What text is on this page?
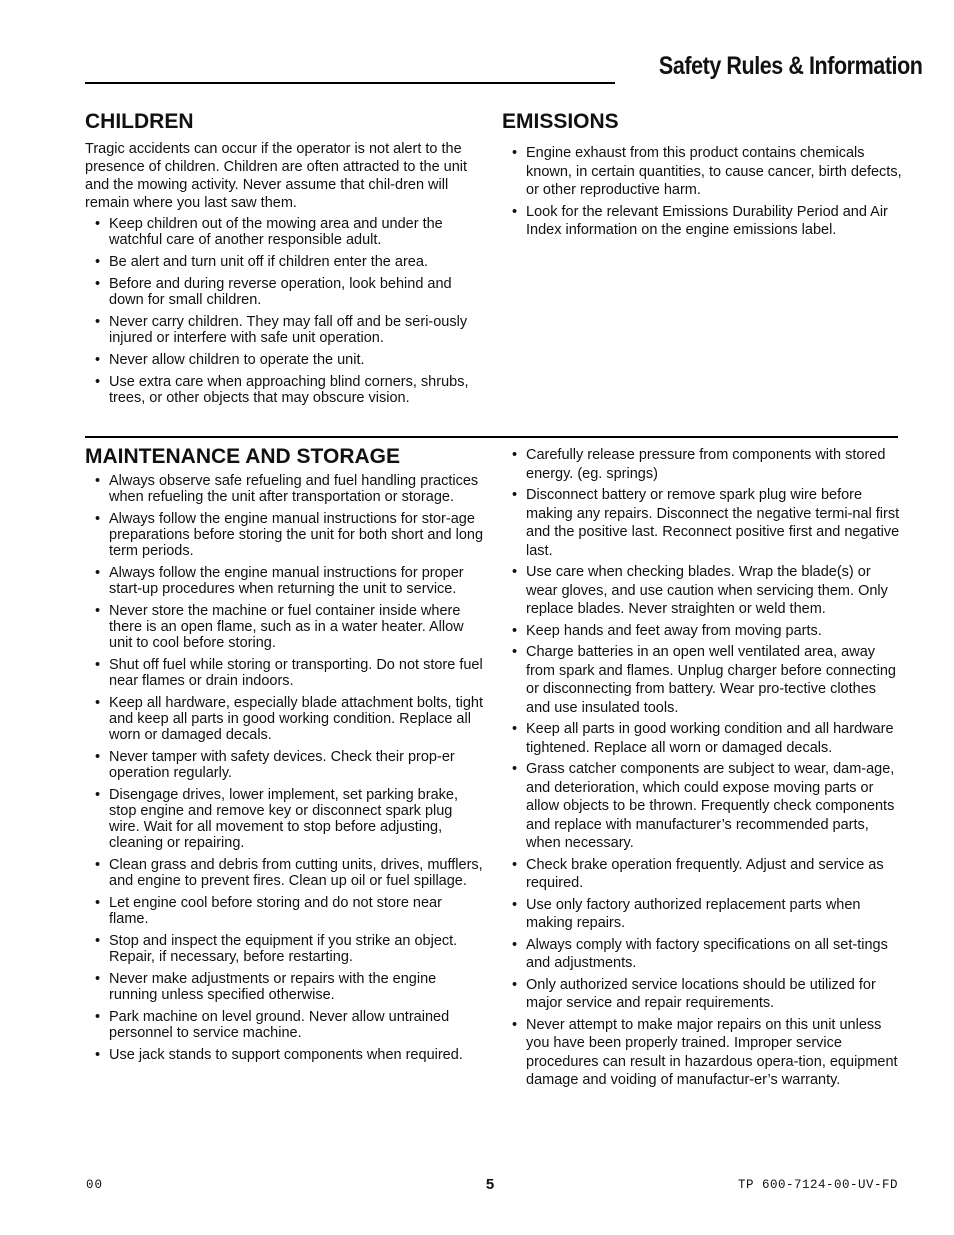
Safety Rules & Information
CHILDREN

Tragic accidents can occur if the operator is not alert to the presence of children. Children are often attracted to the unit and the mowing activity. Never assume that chil-dren will remain where you last saw them.

• Keep children out of the mowing area and under the watchful care of another responsible adult.
• Be alert and turn unit off if children enter the area.
• Before and during reverse operation, look behind and down for small children.
• Never carry children. They may fall off and be seri-ously injured or interfere with safe unit operation.
• Never allow children to operate the unit.
• Use extra care when approaching blind corners, shrubs, trees, or other objects that may obscure vision.
EMISSIONS
• Engine exhaust from this product contains chemicals known, in certain quantities, to cause cancer, birth defects, or other reproductive harm.
• Look for the relevant Emissions Durability Period and Air Index information on the engine emissions label.
MAINTENANCE AND STORAGE
• Always observe safe refueling and fuel handling practices when refueling the unit after transportation or storage.
• Always follow the engine manual instructions for stor-age preparations before storing the unit for both short and long term periods.
• Always follow the engine manual instructions for proper start-up procedures when returning the unit to service.
• Never store the machine or fuel container inside where there is an open flame, such as in a water heater. Allow unit to cool before storing.
• Shut off fuel while storing or transporting. Do not store fuel near flames or drain indoors.
• Keep all hardware, especially blade attachment bolts, tight and keep all parts in good working condition. Replace all worn or damaged decals.
• Never tamper with safety devices. Check their prop-er operation regularly.
• Disengage drives, lower implement, set parking brake, stop engine and remove key or disconnect spark plug wire. Wait for all movement to stop before adjusting, cleaning or repairing.
• Clean grass and debris from cutting units, drives, mufflers, and engine to prevent fires. Clean up oil or fuel spillage.
• Let engine cool before storing and do not store near flame.
• Stop and inspect the equipment if you strike an object. Repair, if necessary, before restarting.
• Never make adjustments or repairs with the engine running unless specified otherwise.
• Park machine on level ground. Never allow untrained personnel to service machine.
• Use jack stands to support components when required.
• Carefully release pressure from components with stored energy. (eg. springs)
• Disconnect battery or remove spark plug wire before making any repairs. Disconnect the negative termi-nal first and the positive last. Reconnect positive first and negative last.
• Use care when checking blades. Wrap the blade(s) or wear gloves, and use caution when servicing them. Only replace blades. Never straighten or weld them.
• Keep hands and feet away from moving parts.
• Charge batteries in an open well ventilated area, away from spark and flames. Unplug charger before connecting or disconnecting from battery. Wear pro-tective clothes and use insulated tools.
• Keep all parts in good working condition and all hardware tightened. Replace all worn or damaged decals.
• Grass catcher components are subject to wear, dam-age, and deterioration, which could expose moving parts or allow objects to be thrown. Frequently check components and replace with manufacturer’s recommended parts, when necessary.
• Check brake operation frequently. Adjust and service as required.
• Use only factory authorized replacement parts when making repairs.
• Always comply with factory specifications on all set-tings and adjustments.
• Only authorized service locations should be utilized for major service and repair requirements.
• Never attempt to make major repairs on this unit unless you have been properly trained. Improper service procedures can result in hazardous opera-tion, equipment damage and voiding of manufactur-er’s warranty.
00	5	TP 600-7124-00-UV-FD
